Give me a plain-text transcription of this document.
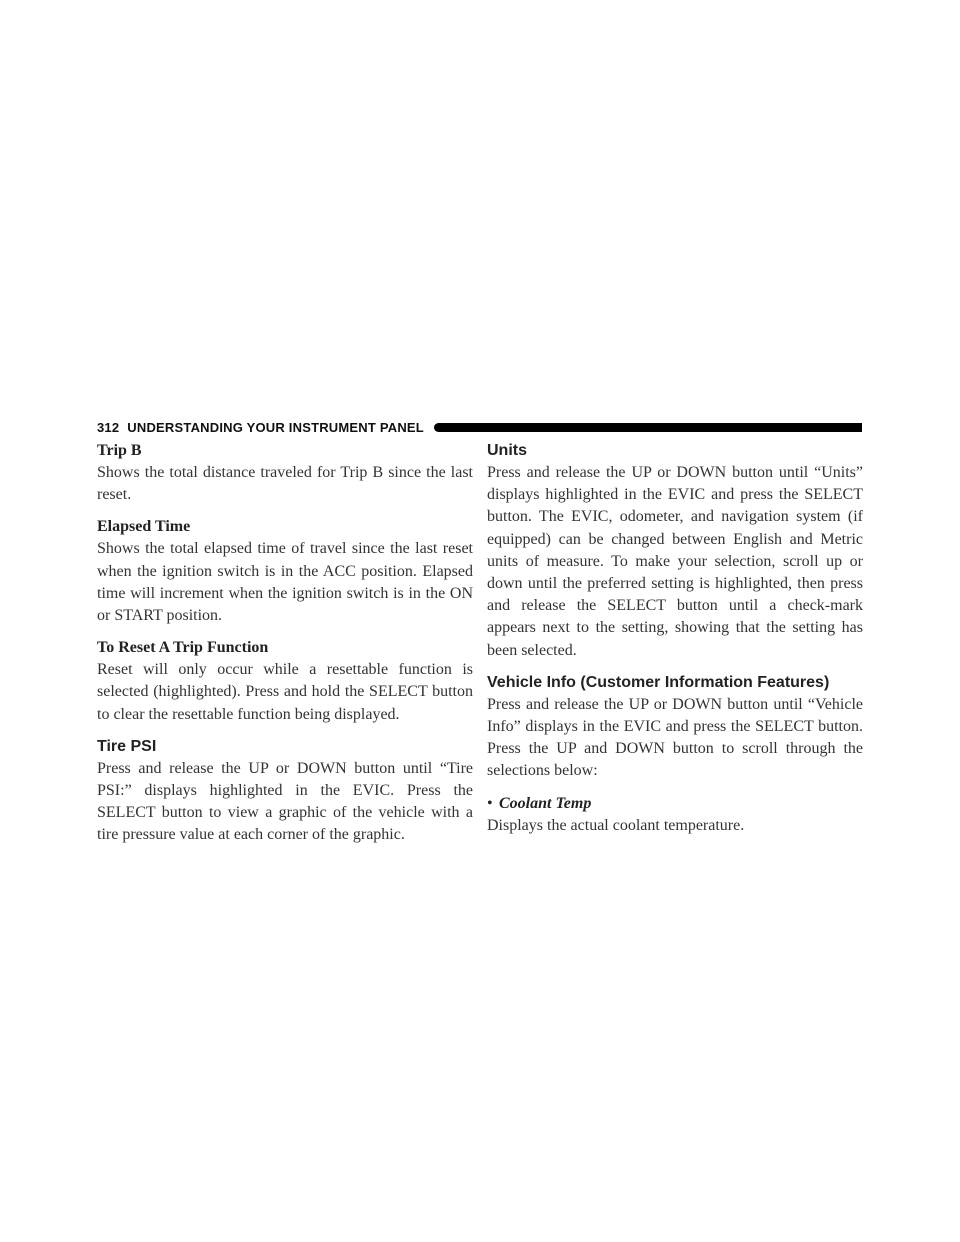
312 UNDERSTANDING YOUR INSTRUMENT PANEL
Trip B

Shows the total distance traveled for Trip B since the last reset.

Elapsed Time

Shows the total elapsed time of travel since the last reset when the ignition switch is in the ACC position. Elapsed time will increment when the ignition switch is in the ON or START position.

To Reset A Trip Function

Reset will only occur while a resettable function is selected (highlighted). Press and hold the SELECT button to clear the resettable function being displayed.

Tire PSI

Press and release the UP or DOWN button until “Tire PSI:” displays highlighted in the EVIC. Press the SELECT button to view a graphic of the vehicle with a tire pressure value at each corner of the graphic.

Units

Press and release the UP or DOWN button until “Units” displays highlighted in the EVIC and press the SELECT button. The EVIC, odometer, and navigation system (if equipped) can be changed between English and Metric units of measure. To make your selection, scroll up or down until the preferred setting is highlighted, then press and release the SELECT button until a check-mark appears next to the setting, showing that the setting has been selected.

Vehicle Info (Customer Information Features)

Press and release the UP or DOWN button until “Vehicle Info” displays in the EVIC and press the SELECT button. Press the UP and DOWN button to scroll through the selections below:

• Coolant Temp

Displays the actual coolant temperature.
